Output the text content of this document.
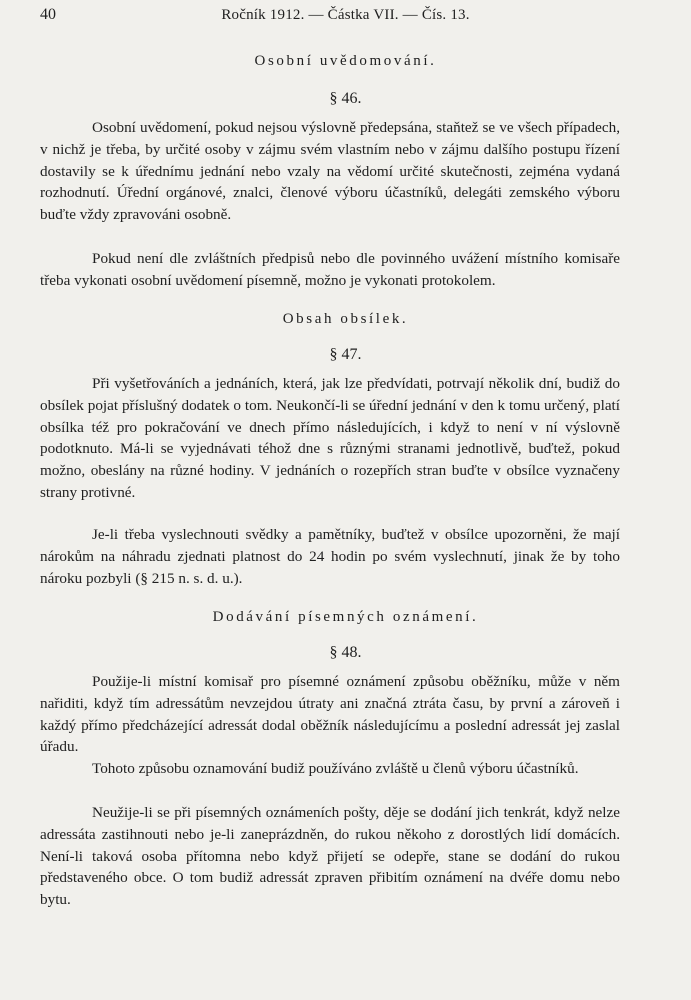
40	Ročník 1912. — Částka VII. — Čís. 13.
Osobní uvědomování.
§ 46.

Osobní uvědomení, pokud nejsou výslovně předepsána, staňtež se ve všech případech, v nichž je třeba, by určité osoby v zájmu svém vlastním nebo v zájmu dalšího postupu řízení dostavily se k úřednímu jednání nebo vzaly na vědomí určité skutečnosti, zejména vydaná rozhodnutí. Úřední orgánové, znalci, členové výboru účastníků, delegáti zemského výboru buďte vždy zpravováni osobně.

Pokud není dle zvláštních předpisů nebo dle povinného uvážení místního komisaře třeba vykonati osobní uvědomení písemně, možno je vykonati protokolem.

Obsah obsílek.
§ 47.

Při vyšetřováních a jednáních, která, jak lze předvídati, potrvají několik dní, budiž do obsílek pojat příslušný dodatek o tom. Neukončí-li se úřední jednání v den k tomu určený, platí obsílka též pro pokračování ve dnech přímo následujících, i když to není v ní výslovně podotknuto. Má-li se vyjednávati téhož dne s různými stranami jednotlivě, buďtež, pokud možno, obeslány na různé hodiny. V jednáních o rozepřích stran buďte v obsílce vyznačeny strany protivné.

Je-li třeba vyslechnouti svědky a pamětníky, buďtež v obsílce upozorněni, že mají nárokům na náhradu zjednati platnost do 24 hodin po svém vyslechnutí, jinak že by toho nároku pozbyli (§ 215 n. s. d. u.).

Dodávání písemných oznámení.
§ 48.

Použije-li místní komisař pro písemné oznámení způsobu oběžníku, může v něm nařiditi, když tím adressátům nevzejdou útraty ani značná ztráta času, by první a zároveň i každý přímo předcházející adressát dodal oběžník následujícímu a poslední adressát jej zaslal úřadu.

Tohoto způsobu oznamování budiž používáno zvláště u členů výboru účastníků.

Neužije-li se při písemných oznámeních pošty, děje se dodání jich tenkrát, když nelze adressáta zastihnouti nebo je-li zaneprázdněn, do rukou někoho z dorostlých lidí domácích. Není-li taková osoba přítomna nebo když přijetí se odepře, stane se dodání do rukou představeného obce. O tom budiž adressát zpraven přibitím oznámení na dvéře domu nebo bytu.
